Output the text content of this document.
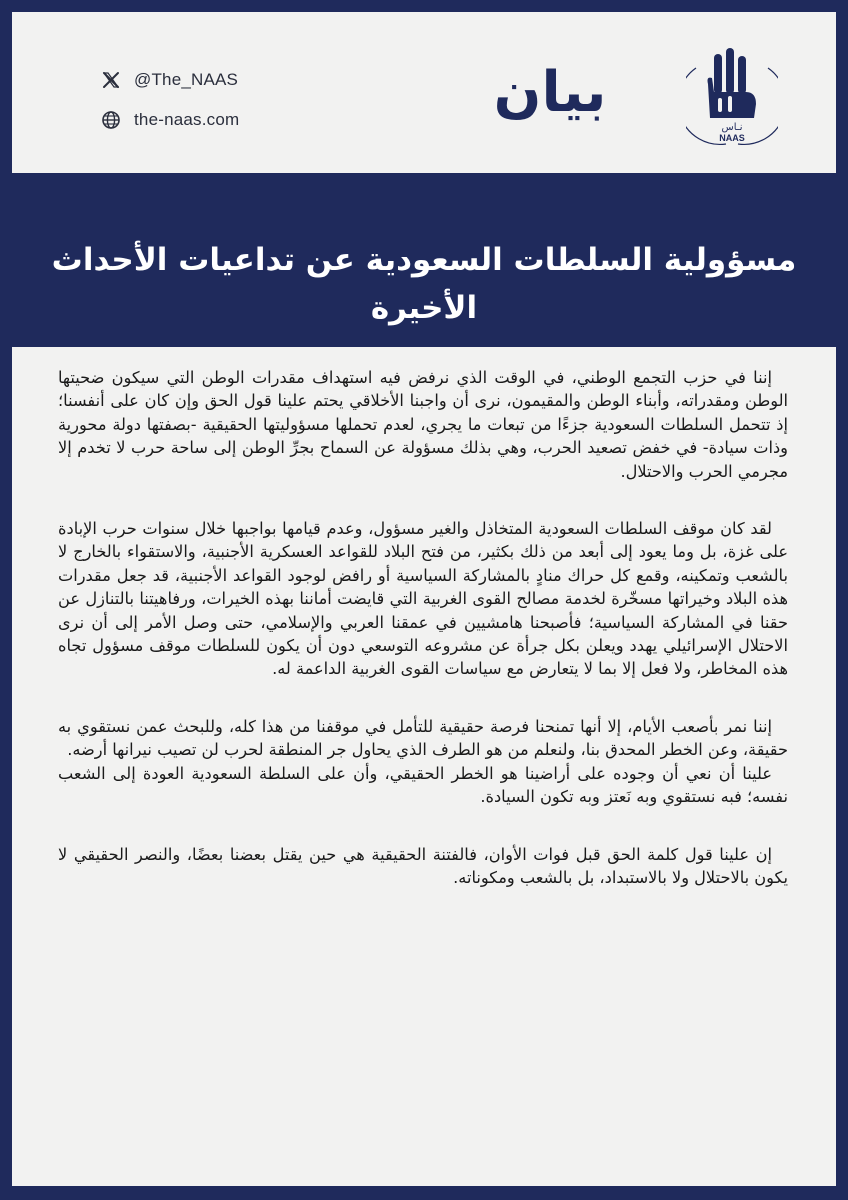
@The_NAAS
the-naas.com	بيان
نـاس
NAAS
مسؤولية السلطات السعودية عن تداعيات الأحداث الأخيرة

إننا في حزب التجمع الوطني، في الوقت الذي نرفض فيه استهداف مقدرات الوطن التي سيكون ضحيتها الوطن ومقدراته، وأبناء الوطن والمقيمون، نرى أن واجبنا الأخلاقي يحتم علينا قول الحق وإن كان على أنفسنا؛ إذ تتحمل السلطات السعودية جزءًا من تبعات ما يجري، لعدم تحملها مسؤوليتها الحقيقية -بصفتها دولة محورية وذات سيادة- في خفض تصعيد الحرب، وهي بذلك مسؤولة عن السماح بجرِّ الوطن إلى ساحة حرب لا تخدم إلا مجرمي الحرب والاحتلال.

لقد كان موقف السلطات السعودية المتخاذل والغير مسؤول، وعدم قيامها بواجبها خلال سنوات حرب الإبادة على غزة، بل وما يعود إلى أبعد من ذلك بكثير، من فتح البلاد للقواعد العسكرية الأجنبية، والاستقواء بالخارج لا بالشعب وتمكينه، وقمع كل حراك منادٍ بالمشاركة السياسية أو رافض لوجود القواعد الأجنبية، قد جعل مقدرات هذه البلاد وخيراتها مسخّرة لخدمة مصالح القوى الغربية التي قايضت أماننا بهذه الخيرات، ورفاهيتنا بالتنازل عن حقنا في المشاركة السياسية؛ فأصبحنا هامشيين في عمقنا العربي والإسلامي، حتى وصل الأمر إلى أن نرى الاحتلال الإسرائيلي يهدد ويعلن بكل جرأة عن مشروعه التوسعي دون أن يكون للسلطات موقف مسؤول تجاه هذه المخاطر، ولا فعل إلا بما لا يتعارض مع سياسات القوى الغربية الداعمة له.

إننا نمر بأصعب الأيام، إلا أنها تمنحنا فرصة حقيقية للتأمل في موقفنا من هذا كله، وللبحث عمن نستقوي به حقيقة، وعن الخطر المحدق بنا، ولنعلم من هو الطرف الذي يحاول جر المنطقة لحرب لن تصيب نيرانها أرضه.

علينا أن نعي أن وجوده على أراضينا هو الخطر الحقيقي، وأن على السلطة السعودية العودة إلى الشعب نفسه؛ فبه نستقوي وبه نَعتز وبه تكون السيادة.

إن علينا قول كلمة الحق قبل فوات الأوان، فالفتنة الحقيقية هي حين يقتل بعضنا بعضًا، والنصر الحقيقي لا يكون بالاحتلال ولا بالاستبداد، بل بالشعب ومكوناته.
